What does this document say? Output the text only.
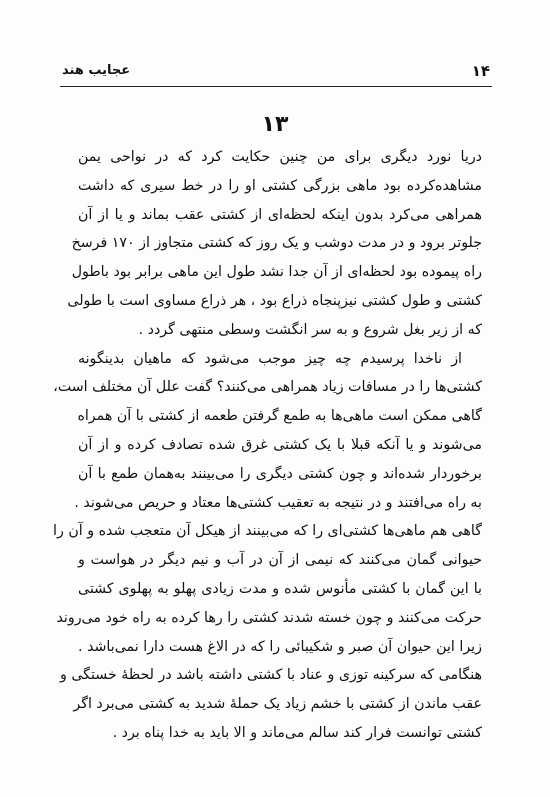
۱۴
عجایب هند
۱۳
دریا نورد دیگری برای من چنین حکایت کرد که در نواحی یمن
مشاهده‌کرده بود ماهی بزرگی کشتی او را در خط سیری که داشت
همراهی می‌کرد بدون اینکه لحظه‌ای از کشتی عقب بماند و یا از آن
جلوتر برود و در مدت دوشب و یک روز که کشتی متجاوز از ۱۷۰ فرسخ
راه پیموده بود لحظه‌ای از آن جدا نشد طول این ماهی برابر بود باطول
کشتی و طول کشتی نیزپنجاه ذراع بود ، هر ذراع مساوی است با طولی
که از زیر بغل شروع و به سر انگشت وسطی منتهی گردد .
از ناخدا پرسیدم چه چیز موجب می‌شود که ماهیان بدینگونه
کشتی‌ها را در مسافات زیاد همراهی می‌کنند؟ گفت علل آن مختلف است،
گاهی ممکن است ماهی‌ها به طمع گرفتن طعمه از کشتی با آن همراه
می‌شوند و یا آنکه قبلا با یک کشتی غرق شده تصادف کرده و از آن
برخوردار شده‌اند و چون کشتی دیگری را می‌بینند به‌همان طمع با آن
به راه می‌افتند و در نتیجه به تعقیب کشتی‌ها معتاد و حریص می‌شوند .
گاهی هم ماهی‌ها کشتی‌ای را که می‌بینند از هیکل آن متعجب شده و آن را
حیوانی گمان می‌کنند که نیمی از آن در آب و نیم دیگر در هواست و
با این گمان با کشتی مأنوس شده و مدت زیادی پهلو به پهلوی کشتی
حرکت می‌کنند و چون خسته شدند کشتی را رها کرده به راه خود می‌روند
زیرا این حیوان آن صبر و شکیبائی را که در الاغ هست دارا نمی‌باشد .
هنگامی که سرکینه توزی و عناد با کشتی داشته باشد در لحظهٔ خستگی و
عقب ماندن از کشتی با خشم زیاد یک حملهٔ شدید به کشتی می‌برد اگر
کشتی توانست فرار کند سالم می‌ماند و الا باید به خدا پناه برد .
